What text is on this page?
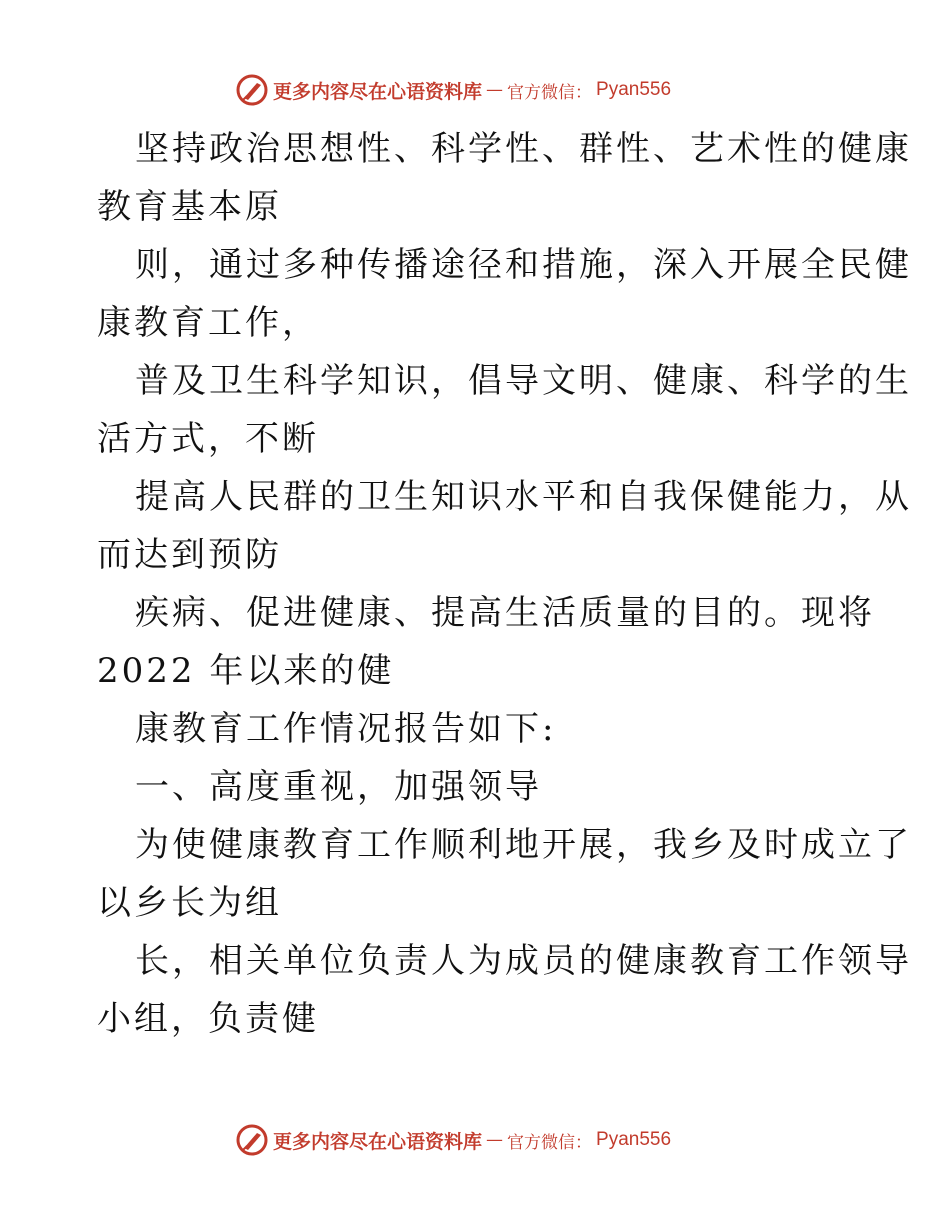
更多内容尽在心语资料库 — 官方微信： Pyan556

坚持政治思想性、科学性、群性、艺术性的健康

教育基本原

则，通过多种传播途径和措施，深入开展全民健

康教育工作，

普及卫生科学知识，倡导文明、健康、科学的生

活方式，不断

提高人民群的卫生知识水平和自我保健能力，从

而达到预防

疾病、促进健康、提高生活质量的目的。现将

2022 年以来的健

康教育工作情况报告如下:

一、高度重视，加强领导

为使健康教育工作顺利地开展，我乡及时成立了

以乡长为组

长，相关单位负责人为成员的健康教育工作领导

小组，负责健

更多内容尽在心语资料库 — 官方微信： Pyan556
